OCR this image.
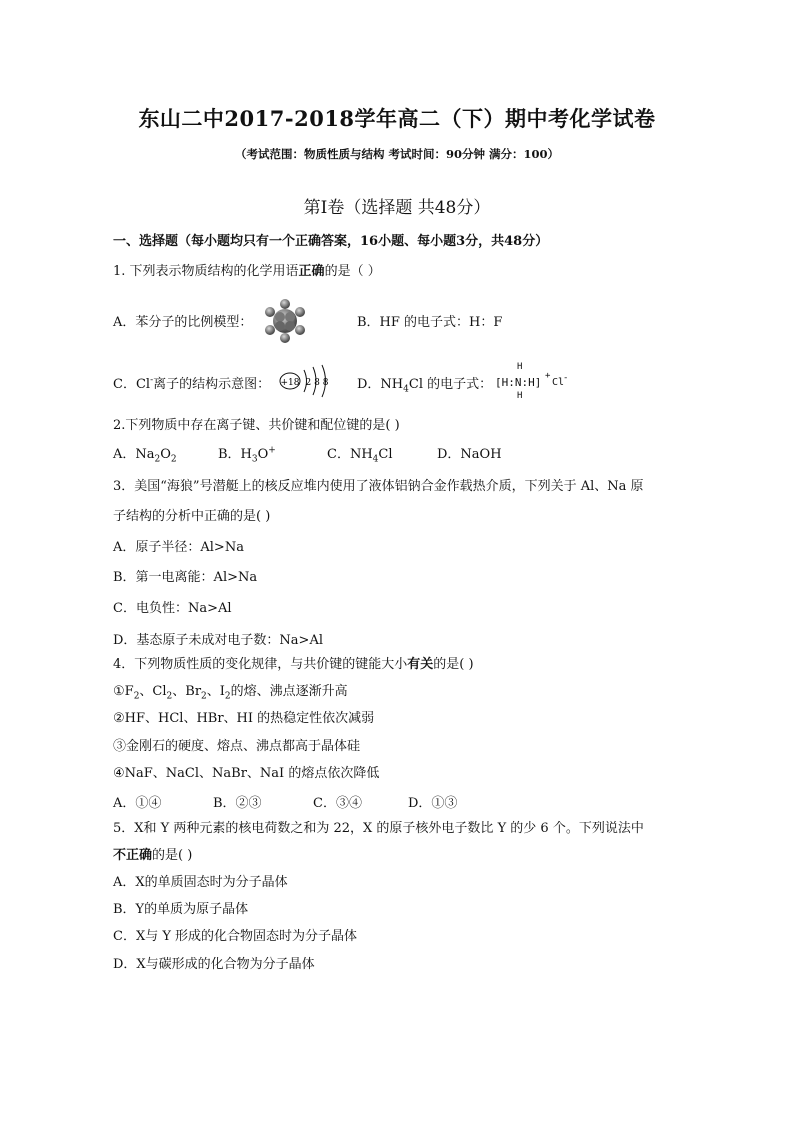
东山二中2017-2018学年高二（下）期中考化学试卷
（考试范围：物质性质与结构 考试时间：90分钟 满分：100）
第Ⅰ卷（选择题 共48分）
一、选择题（每小题均只有一个正确答案，16小题、每小题3分，共48分）
1. 下列表示物质结构的化学用语正确的是（ ）
A．苯分子的比例模型：	B．HF 的电子式：H：F
C．Cl-离子的结构示意图： +18 2 8 8 D．$NH_4Cl$ 的电子式：
H
[H:N:H]
H
+
Cl
-
2.下列物质中存在离子键、共价键和配位键的是( )
A．$Na_2O_2$	B．$H_3O^+$	C．$NH_4Cl$	D．NaOH
3．美国“海狼”号潜艇上的核反应堆内使用了液体铝钠合金作载热介质，下列关于 Al、Na 原
子结构的分析中正确的是( )
A．原子半径：Al>Na
B．第一电离能：Al>Na
C．电负性：Na>Al
D．基态原子未成对电子数：Na>Al
4．下列物质性质的变化规律，与共价键的键能大小有关的是( )
$①F_2$、$Cl_2$、$Br_2$、$I_2$的熔、沸点逐渐升高
②HF、HCl、HBr、HI 的热稳定性依次减弱
③金刚石的硬度、熔点、沸点都高于晶体硅
④NaF、NaCl、NaBr、NaI 的熔点依次降低
A．①④	B．②③	C．③④	D．①③
5．X和 Y 两种元素的核电荷数之和为 22，X 的原子核外电子数比 Y 的少 6 个。下列说法中
不正确的是( )
A．X的单质固态时为分子晶体
B．Y的单质为原子晶体
C．X与 Y 形成的化合物固态时为分子晶体
D．X与碳形成的化合物为分子晶体
